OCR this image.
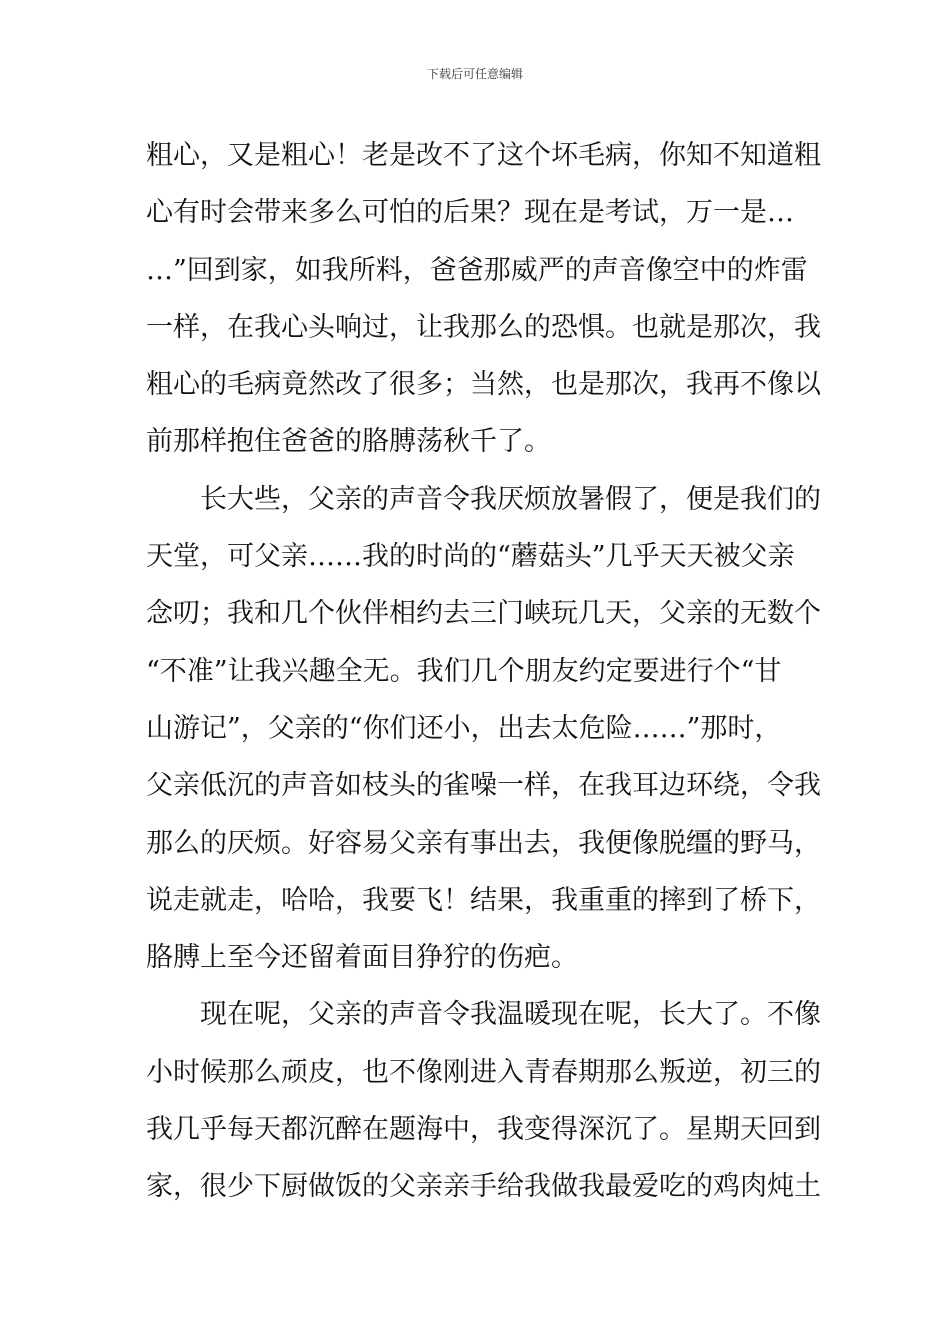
下载后可任意编辑
粗心，又是粗心！老是改不了这个坏毛病，你知不知道粗
心有时会带来多么可怕的后果？现在是考试，万一是…
…”回到家，如我所料，爸爸那威严的声音像空中的炸雷
一样，在我心头响过，让我那么的恐惧。也就是那次，我
粗心的毛病竟然改了很多；当然，也是那次，我再不像以
前那样抱住爸爸的胳膊荡秋千了。
长大些，父亲的声音令我厌烦放暑假了，便是我们的
天堂，可父亲……我的时尚的“蘑菇头”几乎天天被父亲
念叨；我和几个伙伴相约去三门峡玩几天，父亲的无数个
“不准”让我兴趣全无。我们几个朋友约定要进行个“甘
山游记”，父亲的“你们还小，出去太危险……”那时，
父亲低沉的声音如枝头的雀噪一样，在我耳边环绕，令我
那么的厌烦。好容易父亲有事出去，我便像脱缰的野马，
说走就走，哈哈，我要飞！结果，我重重的摔到了桥下，
胳膊上至今还留着面目狰狞的伤疤。
现在呢，父亲的声音令我温暖现在呢，长大了。不像
小时候那么顽皮，也不像刚进入青春期那么叛逆，初三的
我几乎每天都沉醉在题海中，我变得深沉了。星期天回到
家，很少下厨做饭的父亲亲手给我做我最爱吃的鸡肉炖土
